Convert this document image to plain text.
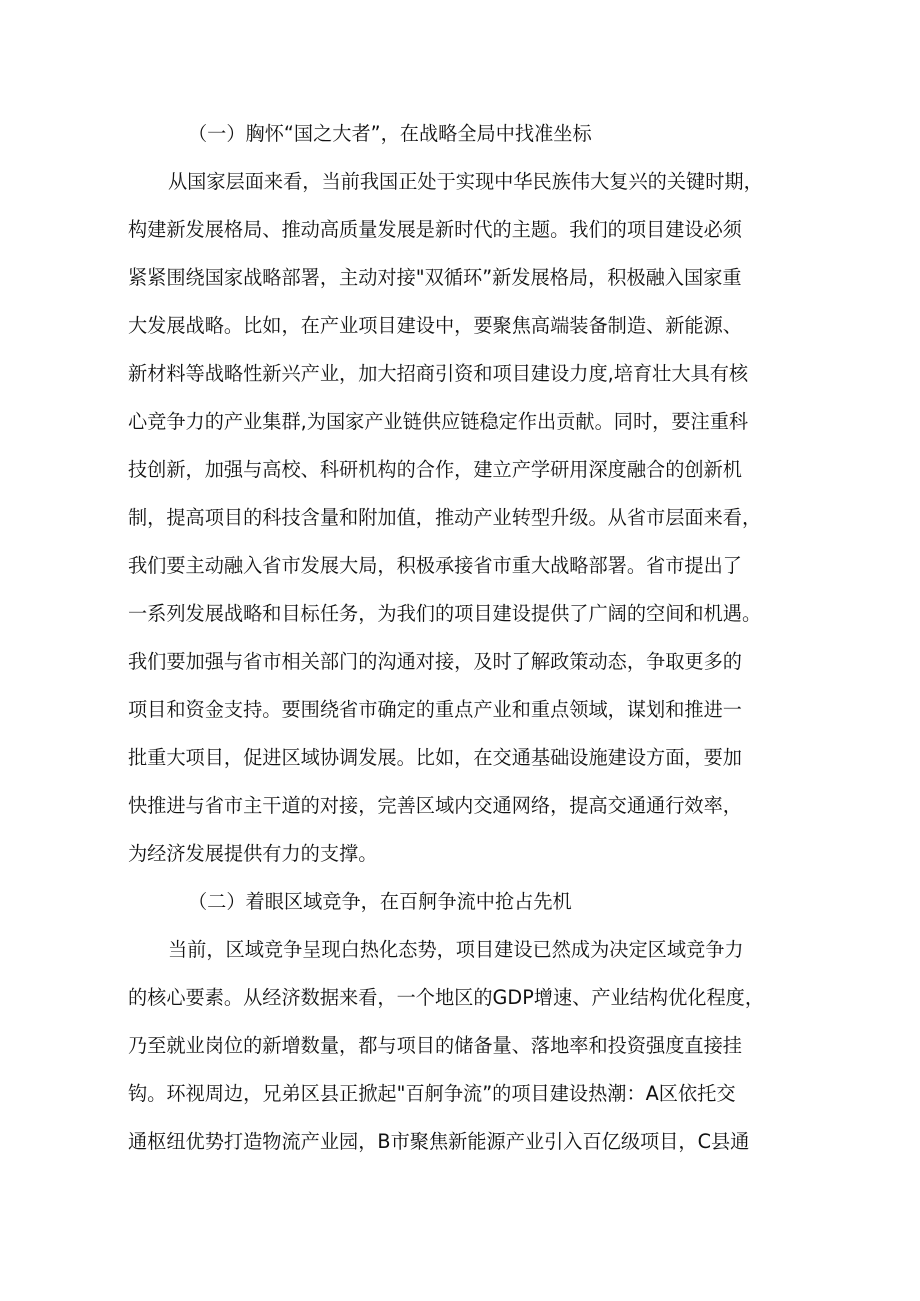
（一）胸怀“国之大者”，在战略全局中找准坐标

从国家层面来看，当前我国正处于实现中华民族伟大复兴的关键时期，

构建新发展格局、推动高质量发展是新时代的主题。我们的项目建设必须

紧紧围绕国家战略部署，主动对接"双循环”新发展格局，积极融入国家重

大发展战略。比如，在产业项目建设中，要聚焦高端装备制造、新能源、

新材料等战略性新兴产业，加大招商引资和项目建设力度,培育壮大具有核

心竞争力的产业集群,为国家产业链供应链稳定作出贡献。同时，要注重科

技创新，加强与高校、科研机构的合作，建立产学研用深度融合的创新机

制，提高项目的科技含量和附加值，推动产业转型升级。从省市层面来看，

我们要主动融入省市发展大局，积极承接省市重大战略部署。省市提出了

一系列发展战略和目标任务，为我们的项目建设提供了广阔的空间和机遇。

我们要加强与省市相关部门的沟通对接，及时了解政策动态，争取更多的

项目和资金支持。要围绕省市确定的重点产业和重点领域，谋划和推进一

批重大项目，促进区域协调发展。比如，在交通基础设施建设方面，要加

快推进与省市主干道的对接，完善区域内交通网络，提高交通通行效率，

为经济发展提供有力的支撑。

（二）着眼区域竞争，在百舸争流中抢占先机

当前，区域竞争呈现白热化态势，项目建设已然成为决定区域竞争力

的核心要素。从经济数据来看，一个地区的GDP增速、产业结构优化程度，

乃至就业岗位的新增数量，都与项目的储备量、落地率和投资强度直接挂

钩。环视周边，兄弟区县正掀起"百舸争流”的项目建设热潮：A区依托交

通枢纽优势打造物流产业园，B市聚焦新能源产业引入百亿级项目，C县通
